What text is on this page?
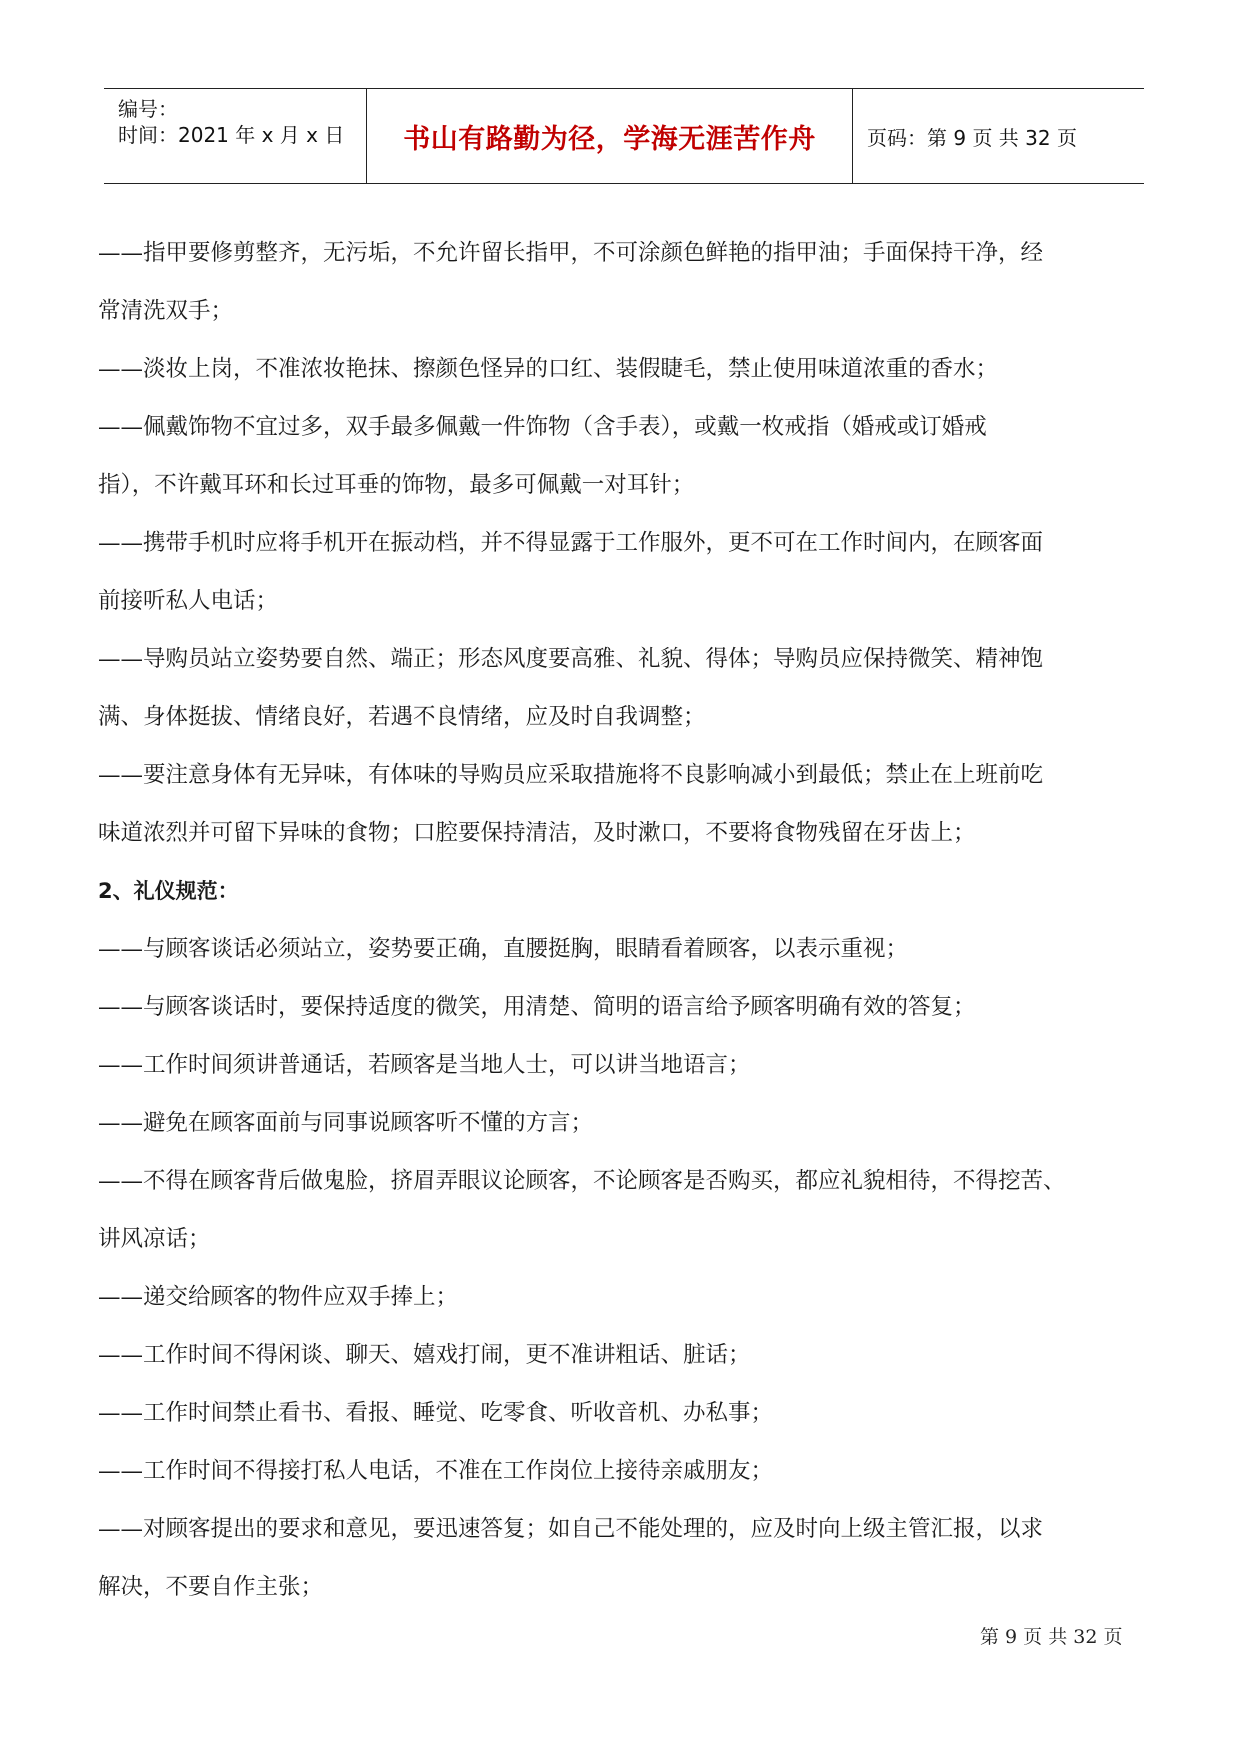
编号：
时间：2021 年 x 月 x 日 书山有路勤为径，学海无涯苦作舟	页码：第 9 页 共 32 页
——指甲要修剪整齐，无污垢，不允许留长指甲，不可涂颜色鲜艳的指甲油；手面保持干净，经
常清洗双手；
——淡妆上岗，不准浓妆艳抹、擦颜色怪异的口红、装假睫毛，禁止使用味道浓重的香水；
——佩戴饰物不宜过多，双手最多佩戴一件饰物（含手表），或戴一枚戒指（婚戒或订婚戒
指），不许戴耳环和长过耳垂的饰物，最多可佩戴一对耳针；
——携带手机时应将手机开在振动档，并不得显露于工作服外，更不可在工作时间内，在顾客面
前接听私人电话；
——导购员站立姿势要自然、端正；形态风度要高雅、礼貌、得体；导购员应保持微笑、精神饱
满、身体挺拔、情绪良好，若遇不良情绪，应及时自我调整；
——要注意身体有无异味，有体味的导购员应采取措施将不良影响减小到最低；禁止在上班前吃
味道浓烈并可留下异味的食物；口腔要保持清洁，及时漱口，不要将食物残留在牙齿上；
2、礼仪规范：
——与顾客谈话必须站立，姿势要正确，直腰挺胸，眼睛看着顾客，以表示重视；
——与顾客谈话时，要保持适度的微笑，用清楚、简明的语言给予顾客明确有效的答复；
——工作时间须讲普通话，若顾客是当地人士，可以讲当地语言；
——避免在顾客面前与同事说顾客听不懂的方言；
——不得在顾客背后做鬼脸，挤眉弄眼议论顾客，不论顾客是否购买，都应礼貌相待，不得挖苦、
讲风凉话；
——递交给顾客的物件应双手捧上；
——工作时间不得闲谈、聊天、嬉戏打闹，更不准讲粗话、脏话；
——工作时间禁止看书、看报、睡觉、吃零食、听收音机、办私事；
——工作时间不得接打私人电话，不准在工作岗位上接待亲戚朋友；
——对顾客提出的要求和意见，要迅速答复；如自己不能处理的，应及时向上级主管汇报，以求
解决，不要自作主张；
第 9 页 共 32 页
